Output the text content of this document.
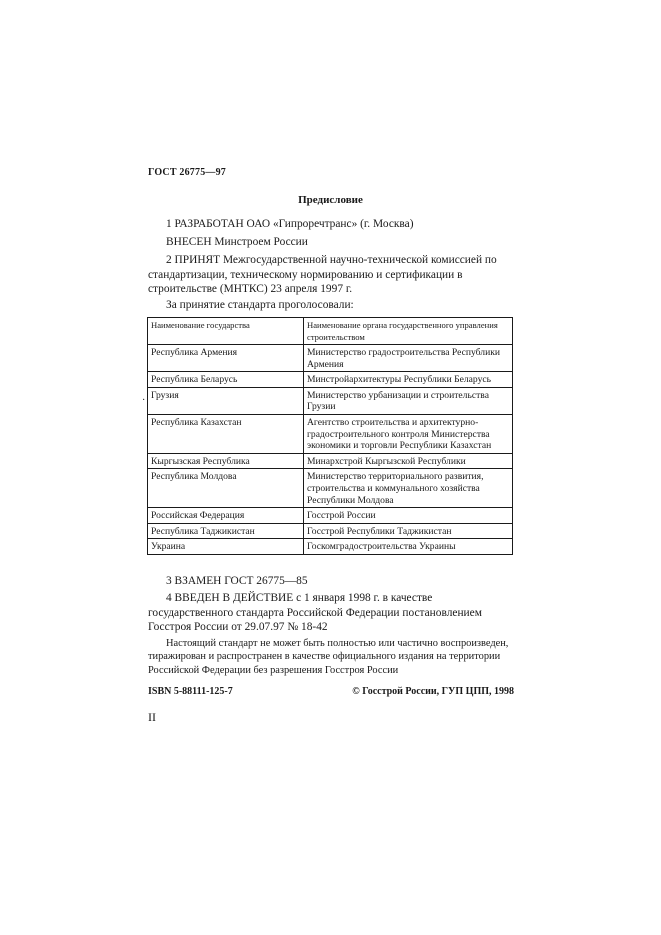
ГОСТ 26775—97
Предисловие
1 РАЗРАБОТАН ОАО «Гипроречтранс» (г. Москва)
ВНЕСЕН Минстроем России
2 ПРИНЯТ Межгосударственной научно-технической комиссией по стандартизации, техническому нормированию и сертификации в строительстве (МНТКС) 23 апреля 1997 г.
За принятие стандарта проголосовали:
Наименование государства	Наименование органа государственного управления строительством
Республика Армения	Министерство градостроительства Республики Армения
Республика Беларусь	Минстройархитектуры Республики Беларусь
Грузия	Министерство урбанизации и строительства Грузии
Республика Казахстан	Агентство строительства и архитектурно-градостроительного контроля Министерства экономики и торговли Республики Казахстан
Кыргызская Республика	Минархстрой Кыргызской Республики
Республика Молдова	Министерство территориального развития, строительства и коммунального хозяйства Республики Молдова
Российская Федерация	Госстрой России
Республика Таджикистан	Госстрой Республики Таджикистан
Украина	Госкомградостроительства Украины
·
3 ВЗАМЕН ГОСТ 26775—85
4 ВВЕДЕН В ДЕЙСТВИЕ с 1 января 1998 г. в качестве государственного стандарта Российской Федерации постановлением Госстроя России от 29.07.97 № 18-42
Настоящий стандарт не может быть полностью или частично воспроизведен, тиражирован и распространен в качестве официального издания на территории Российской Федерации без разрешения Госстроя России
ISBN 5-88111-125-7	© Госстрой России, ГУП ЦПП, 1998
II
